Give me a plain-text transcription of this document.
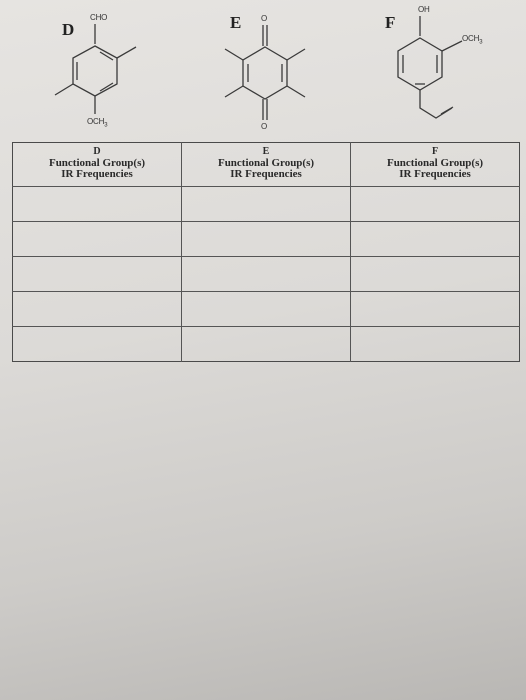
D
CHO
$OCH_3$
E O
O
F
OH
$OCH_3$
D
Functional Group(s)
IR Frequencies
E
Functional Group(s)
IR Frequencies
F
Functional Group(s)
IR Frequencies
